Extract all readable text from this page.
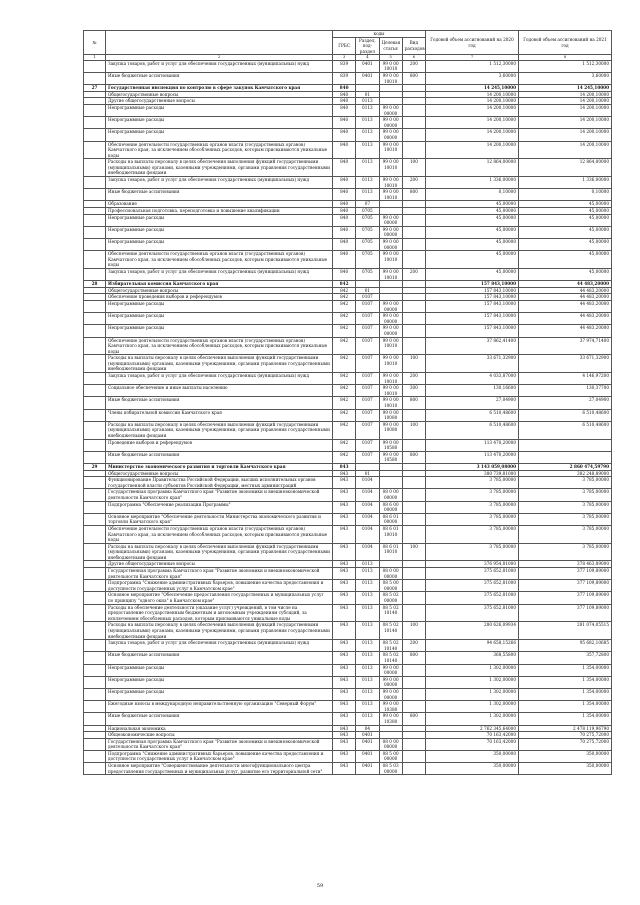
№		коды				Годовой объем ассигнований на 2020 год	Годовой объем ассигнований на 2021 год
		ГРБС	Раздел, под-раздел	Целевая статья	Вид расходов		
1	2	3	4	5	6	7	8
	Закупка товаров, работ и услуг для обеспечения государственных (муниципальных) нужд	839	0401	99 0 00 10010	200	1 512,30000	1 512,30000
	Иные бюджетные ассигнования	839	0401	99 0 00 10010	800	3,60000	3,60000
27	Государственная инспекция по контролю в сфере закупок Камчатского края	840				14 245,10000	14 245,10000
	Общегосударственные вопросы	840	01			14 200,10000	14 200,10000
	Другие общегосударственные вопросы	840	0113			14 200,10000	14 200,10000
	Непрограммные расходы	840	0113	99 0 00 00000		14 200,10000	14 200,10000
	Непрограммные расходы	840	0113	99 0 00 00000		14 200,10000	14 200,10000
	Непрограммные расходы	840	0113	99 0 00 00000		14 200,10000	14 200,10000
	Обеспечение деятельности государственных органов власти (государственных органов) Камчатского края, за исключением обособленных расходов, которым присваиваются уникальные коды	840	0113	99 0 00 10010		14 200,10000	14 200,10000
	Расходы на выплаты персоналу в целях обеспечения выполнения функций государственными (муниципальными) органами, казенными учреждениями, органами управления государственными внебюджетными фондами	840	0113	99 0 00 10010	100	12 864,00000	12 864,00000
	Закупка товаров, работ и услуг для обеспечения государственных (муниципальных) нужд	840	0113	99 0 00 10010	200	1 336,00000	1 336,00000
	Иные бюджетные ассигнования	840	0113	99 0 00 10010	800	0,10000	0,10000
	Образование	840	07			45,00000	45,00000
	Профессиональная подготовка, переподготовка и повышение квалификации	840	0705			45,00000	45,00000
	Непрограммные расходы	840	0705	99 0 00 00000		45,00000	45,00000
	Непрограммные расходы	840	0705	99 0 00 00000		45,00000	45,00000
	Непрограммные расходы	840	0705	99 0 00 00000		45,00000	45,00000
	Обеспечение деятельности государственных органов власти (государственных органов) Камчатского края, за исключением обособленных расходов, которым присваиваются уникальные коды	840	0705	99 0 00 10010		45,00000	45,00000
	Закупка товаров, работ и услуг для обеспечения государственных (муниципальных) нужд	840	0705	99 0 00 10010	200	45,00000	45,00000
28	Избирательная комиссия Камчатского края	842				157 843,10000	44 483,20000
	Общегосударственные вопросы	842	01			157 843,10000	44 483,20000
	Обеспечение проведения выборов и референдумов	842	0107			157 843,10000	44 483,20000
	Непрограммные расходы	842	0107	99 0 00 00000		157 843,10000	44 483,20000
	Непрограммные расходы	842	0107	99 0 00 00000		157 843,10000	44 483,20000
	Непрограммные расходы	842	0107	99 0 00 00000		157 843,10000	44 483,20000
	Обеспечение деятельности государственных органов власти (государственных органов) Камчатского края, за исключением обособленных расходов, которым присваиваются уникальные коды	842	0107	99 0 00 10010		37 862,41400	37 974,71400
	Расходы на выплаты персоналу в целях обеспечения выполнения функций государственными (муниципальными) органами, казенными учреждениями, органами управления государственными внебюджетными фондами	842	0107	99 0 00 10010	100	33 671,32900	33 671,32900
	Закупка товаров, работ и услуг для обеспечения государственных (муниципальных) нужд	842	0107	99 0 00 10010	200	4 033,87000	4 146,97200
	Социальное обеспечение и иные выплаты населению	842	0107	99 0 00 10010	300	130,16600	130,37700
	Иные бюджетные ассигнования	842	0107	99 0 00 10010	800	27,04900	27,04900
	Члены избирательной комиссии Камчатского края	842	0107	99 0 00 10080		6 510,48600	6 510,48600
	Расходы на выплаты персоналу в целях обеспечения выполнения функций государственными (муниципальными) органами, казенными учреждениями, органами управления государственными внебюджетными фондами	842	0107	99 0 00 10080	100	6 510,48600	6 510,48600
	Проведение выборов и референдумов	842	0107	99 0 00 10580		113 470,20000	
	Иные бюджетные ассигнования	842	0107	99 0 00 10580	800	113 470,20000	
29	Министерство экономического развития и торговли Камчатского края	843				3 143 059,08000	2 860 474,59790
	Общегосударственные вопросы	843	01			380 739,81000	382 248,89000
	Функционирование Правительства Российской Федерации, высших исполнительных органов государственной власти субъектов Российской Федерации, местных администраций	843	0104			3 785,00000	3 785,00000
	Государственная программа Камчатского края "Развитие экономики и внешнеэкономической деятельности Камчатского края"	843	0104	08 0 00 00000		3 785,00000	3 785,00000
	Подпрограмма "Обеспечение реализации Программы"	843	0104	08 6 00 00000		3 785,00000	3 785,00000
	Основное мероприятие "Обеспечение деятельности Министерства экономического развития и торговли Камчатского края"	843	0104	08 6 01 00000		3 785,00000	3 785,00000
	Обеспечение деятельности государственных органов власти (государственных органов) Камчатского края, за исключением обособленных расходов, которым присваиваются уникальные коды	843	0104	08 6 01 10010		3 785,00000	3 785,00000
	Расходы на выплаты персоналу в целях обеспечения выполнения функций государственными (муниципальными) органами, казенными учреждениями, органами управления государственными внебюджетными фондами	843	0104	08 6 01 10010	100	3 785,00000	3 785,00000
	Другие общегосударственные вопросы	843	0113			376 954,81000	378 463,89000
	Государственная программа Камчатского края "Развитие экономики и внешнеэкономической деятельности Камчатского края"	843	0113	08 0 00 00000		375 652,81000	377 109,89000
	Подпрограмма "Снижение административных барьеров, повышение качества предоставления и доступности государственных услуг в Камчатском крае"	843	0113	08 5 00 00000		375 652,81000	377 109,89000
	Основное мероприятие "Обеспечение предоставления государственных и муниципальных услуг по принципу "одного окна" в Камчатском крае"	843	0113	08 5 02 00000		375 652,81000	377 109,89000
	Расходы на обеспечение деятельности (оказание услуг) учреждений, в том числе на предоставление государственным бюджетным и автономным учреждениям субсидий, за исключением обособленных расходов, которым присваиваются уникальные коды	843	0113	08 5 02 10140		375 652,81000	377 109,89000
	Расходы на выплаты персоналу в целях обеспечения выполнения функций государственными (муниципальными) органами, казенными учреждениями, органами управления государственными внебюджетными фондами	843	0113	08 5 02 10140	100	280 626,09934	281 074,05515
	Закупка товаров, работ и услуг для обеспечения государственных (муниципальных) нужд	843	0113	08 5 02 10140	200	94 658,15266	95 682,10685
	Иные бюджетные ассигнования	843	0113	08 5 02 10140	800	368,55800	357,72800
	Непрограммные расходы	843	0113	99 0 00 00000		1 302,00000	1 354,00000
	Непрограммные расходы	843	0113	99 0 00 00000		1 302,00000	1 354,00000
	Непрограммные расходы	843	0113	99 0 00 00000		1 302,00000	1 354,00000
	Ежегодные взносы в международную неправительственную организацию "Северный Форум"	843	0113	99 0 00 10380		1 302,00000	1 354,00000
	Иные бюджетные ассигнования	843	0113	99 0 00 10380	800	1 302,00000	1 354,00000
	Национальная экономика	843	04			2 762 345,64000	2 478 119,96790
	Общеэкономические вопросы	843	0401			70 163,42000	70 275,72000
	Государственная программа Камчатского края "Развитие экономики и внешнеэкономической деятельности Камчатского края"	843	0401	08 0 00 00000		70 163,42000	70 275,72000
	Подпрограмма "Снижение административных барьеров, повышение качества предоставления и доступности государственных услуг в Камчатском крае"	843	0401	08 5 00 00000		350,00000	350,00000
	Основное мероприятие "Совершенствование деятельности многофункционального центра предоставления государственных и муниципальных услуг, развитие его территориальной сети"	843	0401	08 5 03 00000		350,00000	350,00000
59
